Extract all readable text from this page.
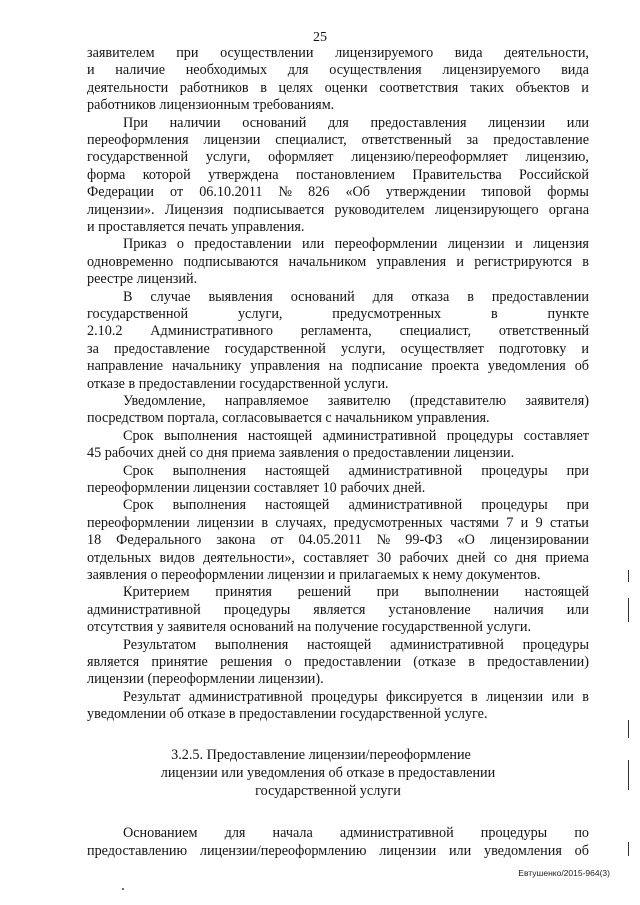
25
заявителем при осуществлении лицензируемого вида деятельности,
и наличие необходимых для осуществления лицензируемого вида
деятельности работников в целях оценки соответствия таких объектов и
работников лицензионным требованиям.
При наличии оснований для предоставления лицензии или
переоформления лицензии специалист, ответственный за предоставление
государственной услуги, оформляет лицензию/переоформляет лицензию,
форма которой утверждена постановлением Правительства Российской
Федерации от 06.10.2011 № 826 «Об утверждении типовой формы
лицензии». Лицензия подписывается руководителем лицензирующего органа
и проставляется печать управления.
Приказ о предоставлении или переоформлении лицензии и лицензия
одновременно подписываются начальником управления и регистрируются в
реестре лицензий.
В случае выявления оснований для отказа в предоставлении
государственной	услуги,	предусмотренных	в	пункте
2.10.2 Административного регламента, специалист, ответственный
за предоставление государственной услуги, осуществляет подготовку и
направление начальнику управления на подписание проекта уведомления об
отказе в предоставлении государственной услуги.
Уведомление, направляемое заявителю (представителю заявителя)
посредством портала, согласовывается с начальником управления.
Срок выполнения настоящей административной процедуры составляет
45 рабочих дней со дня приема заявления о предоставлении лицензии.
Срок выполнения настоящей административной процедуры при
переоформлении лицензии составляет 10 рабочих дней.
Срок выполнения настоящей административной процедуры при
переоформлении лицензии в случаях, предусмотренных частями 7 и 9 статьи
18 Федерального закона от 04.05.2011 № 99-ФЗ «О лицензировании
отдельных видов деятельности», составляет 30 рабочих дней со дня приема
заявления о переоформлении лицензии и прилагаемых к нему документов.
Критерием принятия решений при выполнении настоящей
административной процедуры является установление наличия или
отсутствия у заявителя оснований на получение государственной услуги.
Результатом выполнения настоящей административной процедуры
является принятие решения о предоставлении (отказе в предоставлении)
лицензии (переоформлении лицензии).
Результат административной процедуры фиксируется в лицензии или в
уведомлении об отказе в предоставлении государственной услуге.
3.2.5. Предоставление лицензии/переоформление
лицензии или уведомления об отказе в предоставлении
государственной услуги
Основанием для начала административной процедуры по
предоставлению лицензии/переоформлению лицензии или уведомления об
Евтушенко/2015-964(3)
